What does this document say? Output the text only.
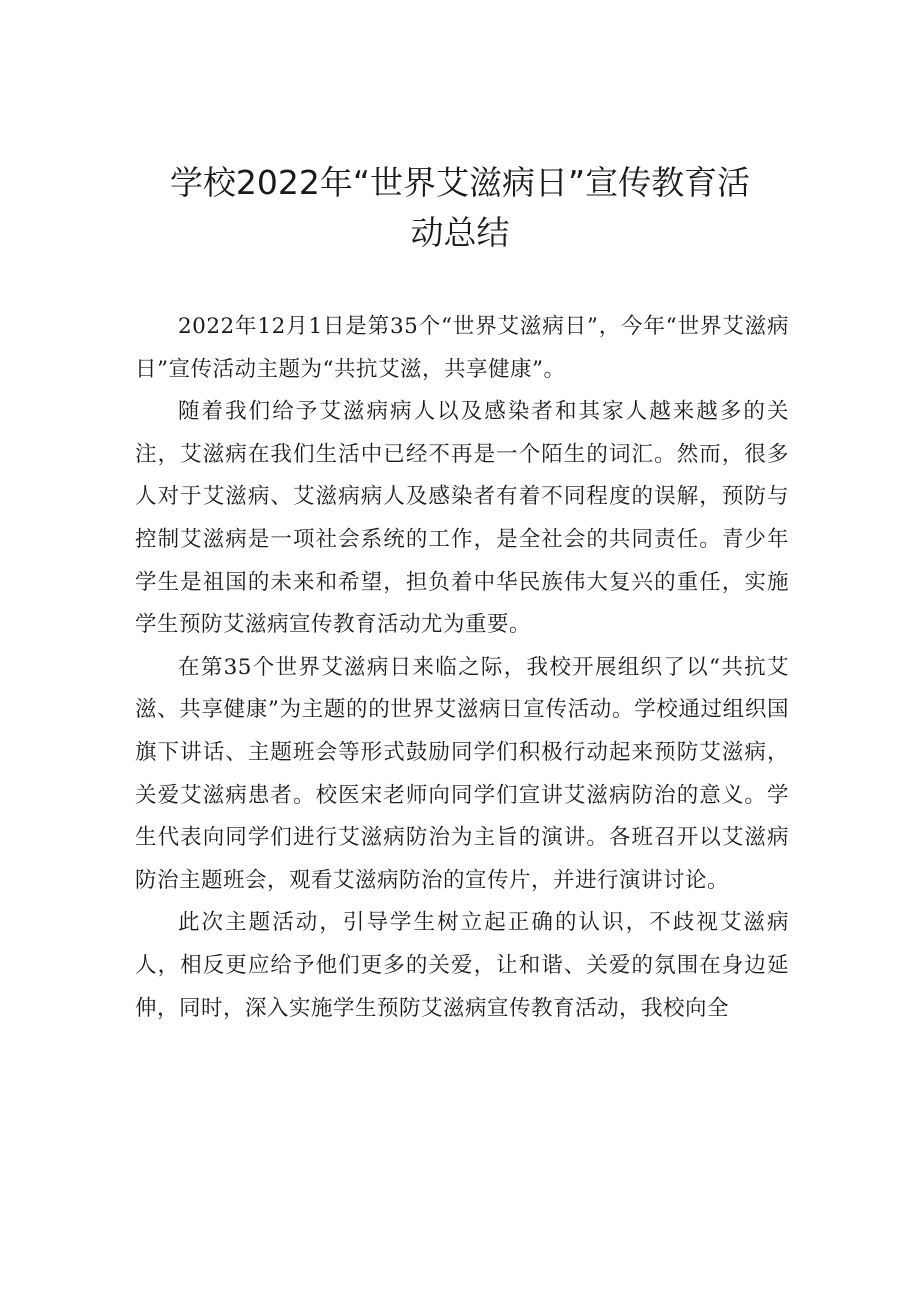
学校2022年“世界艾滋病日”宣传教育活
动总结

2022年12月1日是第35个“世界艾滋病日”，今年“世界艾滋病日”宣传活动主题为“共抗艾滋，共享健康”。

随着我们给予艾滋病病人以及感染者和其家人越来越多的关注，艾滋病在我们生活中已经不再是一个陌生的词汇。然而，很多人对于艾滋病、艾滋病病人及感染者有着不同程度的误解，预防与控制艾滋病是一项社会系统的工作，是全社会的共同责任。青少年学生是祖国的未来和希望，担负着中华民族伟大复兴的重任，实施学生预防艾滋病宣传教育活动尤为重要。

在第35个世界艾滋病日来临之际，我校开展组织了以“共抗艾滋、共享健康”为主题的的世界艾滋病日宣传活动。学校通过组织国旗下讲话、主题班会等形式鼓励同学们积极行动起来预防艾滋病，关爱艾滋病患者。校医宋老师向同学们宣讲艾滋病防治的意义。学生代表向同学们进行艾滋病防治为主旨的演讲。各班召开以艾滋病防治主题班会，观看艾滋病防治的宣传片，并进行演讲讨论。

此次主题活动，引导学生树立起正确的认识，不歧视艾滋病人，相反更应给予他们更多的关爱，让和谐、关爱的氛围在身边延伸，同时，深入实施学生预防艾滋病宣传教育活动，我校向全
